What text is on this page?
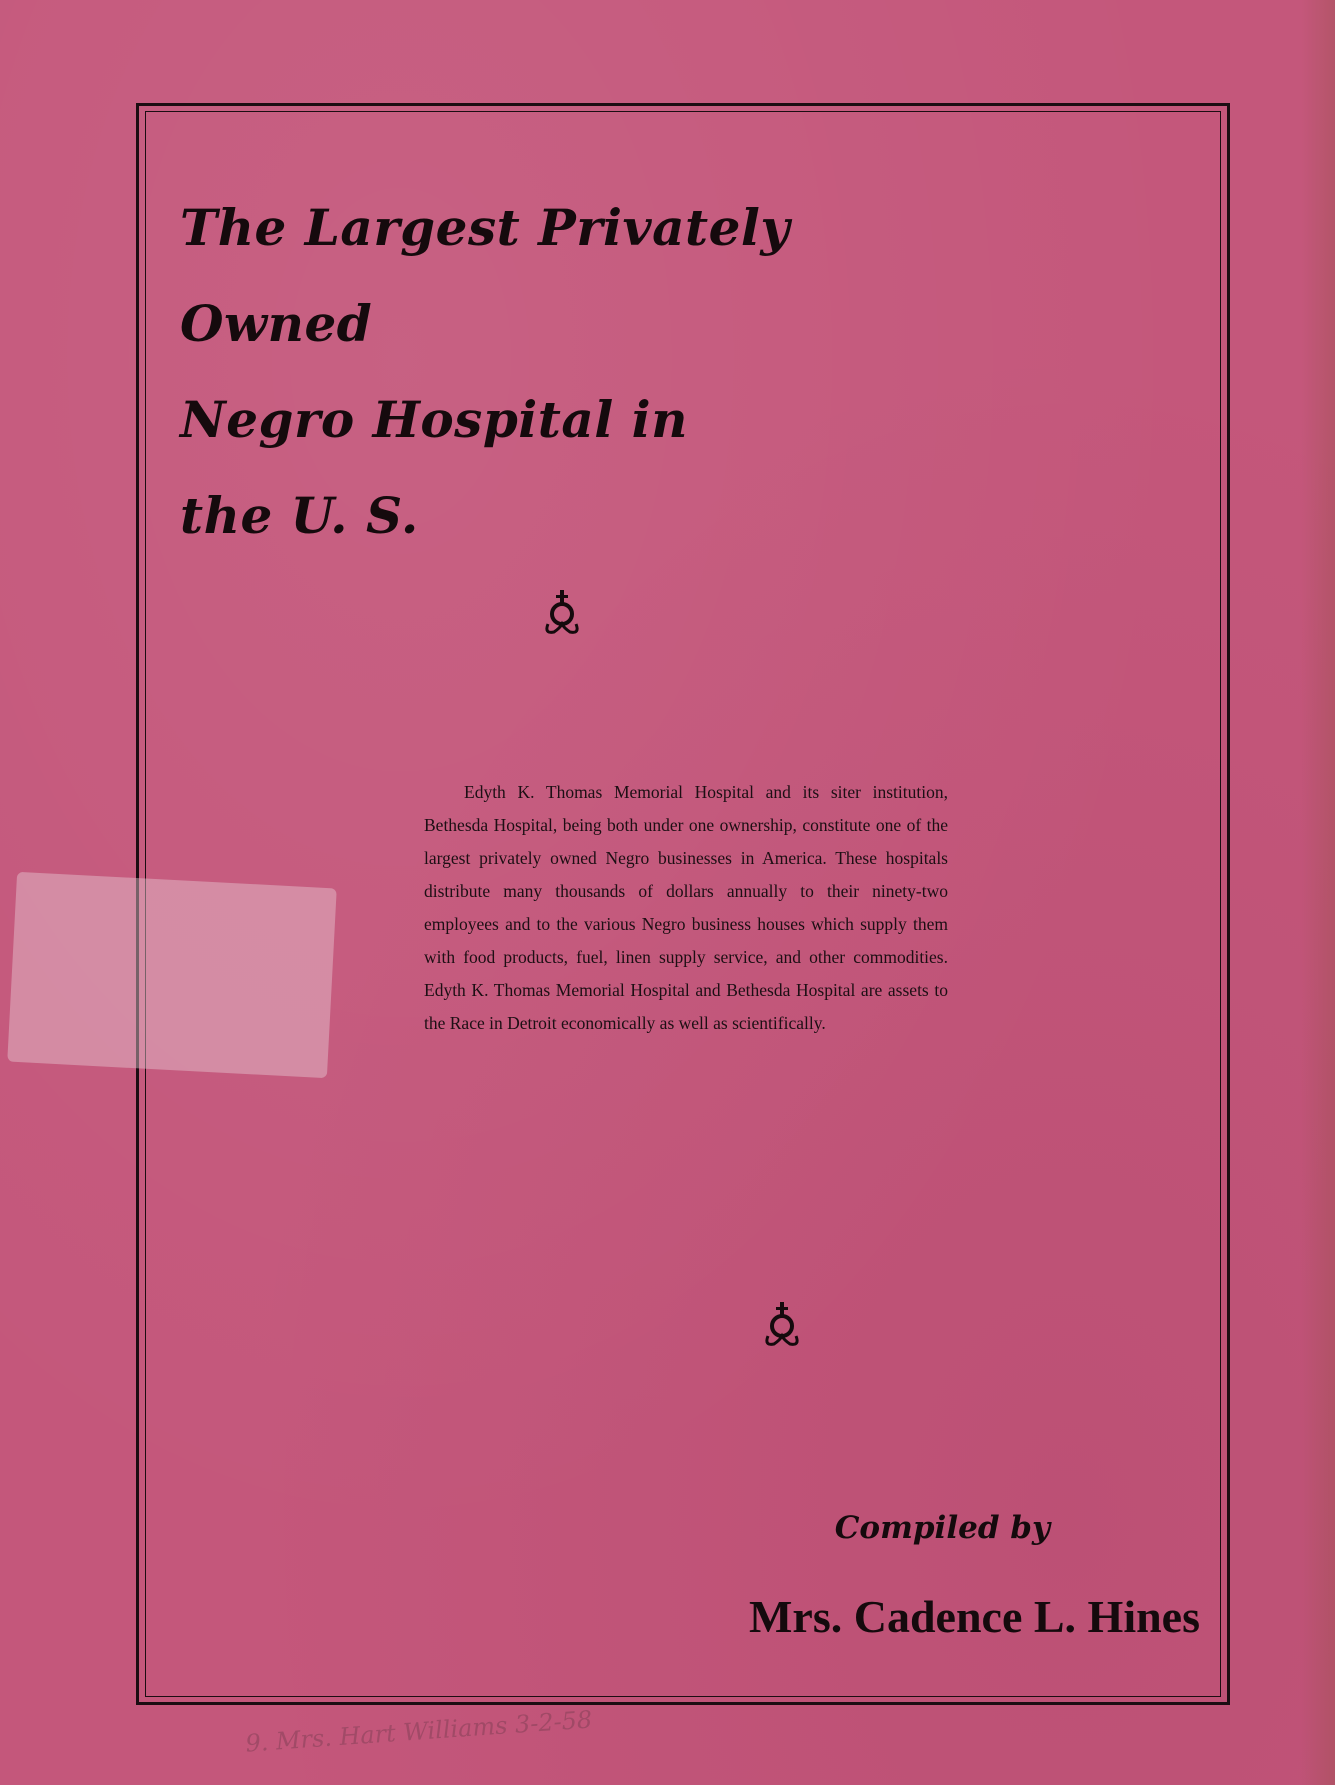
The Largest Privately Owned
Negro Hospital in
the U. S.

Edyth K. Thomas Memorial Hospital and its siter institution, Bethesda Hospital, being both under one ownership, constitute one of the largest privately owned Negro businesses in America. These hospitals distribute many thousands of dollars annually to their ninety-two employees and to the various Negro business houses which supply them with food products, fuel, linen supply service, and other commodities. Edyth K. Thomas Memorial Hospital and Bethesda Hospital are assets to the Race in Detroit economically as well as scientifically.

Compiled by
Mrs. Cadence L. Hines
9. Mrs. Hart Williams 3-2-58
